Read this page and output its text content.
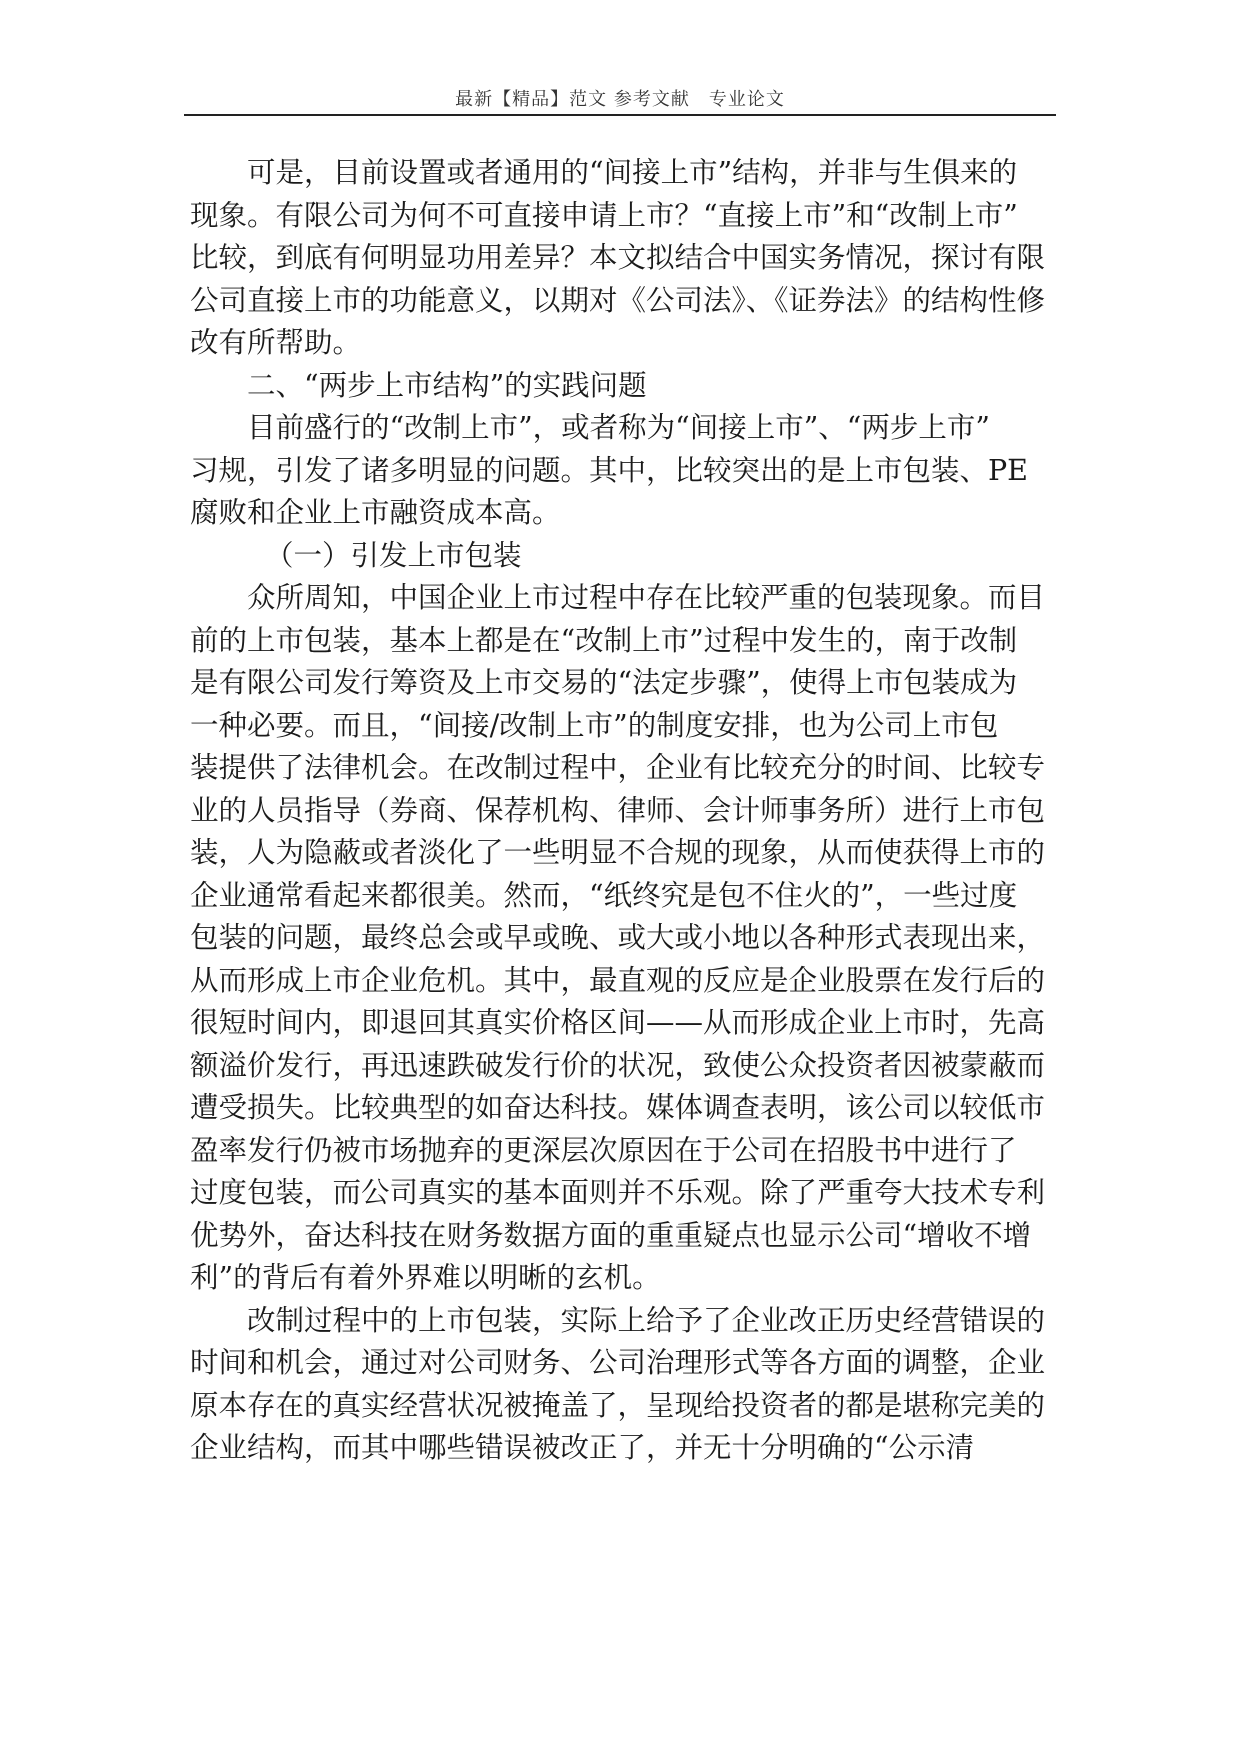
最新【精品】范文 参考文献　专业论文
可是，目前设置或者通用的“间接上市”结构，并非与生俱来的
现象。有限公司为何不可直接申请上市？“直接上市”和“改制上市”
比较，到底有何明显功用差异？本文拟结合中国实务情况，探讨有限
公司直接上市的功能意义，以期对《公司法》、《证券法》的结构性修
改有所帮助。
二、“两步上市结构”的实践问题
目前盛行的“改制上市”，或者称为“间接上市”、“两步上市”
习规，引发了诸多明显的问题。其中，比较突出的是上市包装、PE
腐败和企业上市融资成本高。
（一）引发上市包装
众所周知，中国企业上市过程中存在比较严重的包装现象。而目
前的上市包装，基本上都是在“改制上市”过程中发生的，南于改制
是有限公司发行筹资及上市交易的“法定步骤”，使得上市包装成为
一种必要。而且，“间接/改制上市”的制度安排，也为公司上市包
装提供了法律机会。在改制过程中，企业有比较充分的时间、比较专
业的人员指导（券商、保荐机构、律师、会计师事务所）进行上市包
装，人为隐蔽或者淡化了一些明显不合规的现象，从而使获得上市的
企业通常看起来都很美。然而，“纸终究是包不住火的”，一些过度
包装的问题，最终总会或早或晚、或大或小地以各种形式表现出来，
从而形成上市企业危机。其中，最直观的反应是企业股票在发行后的
很短时间内，即退回其真实价格区间——从而形成企业上市时，先高
额溢价发行，再迅速跌破发行价的状况，致使公众投资者因被蒙蔽而
遭受损失。比较典型的如奋达科技。媒体调查表明，该公司以较低市
盈率发行仍被市场抛弃的更深层次原因在于公司在招股书中进行了
过度包装，而公司真实的基本面则并不乐观。除了严重夸大技术专利
优势外，奋达科技在财务数据方面的重重疑点也显示公司“增收不增
利”的背后有着外界难以明晰的玄机。
改制过程中的上市包装，实际上给予了企业改正历史经营错误的
时间和机会，通过对公司财务、公司治理形式等各方面的调整，企业
原本存在的真实经营状况被掩盖了，呈现给投资者的都是堪称完美的
企业结构，而其中哪些错误被改正了，并无十分明确的“公示清
